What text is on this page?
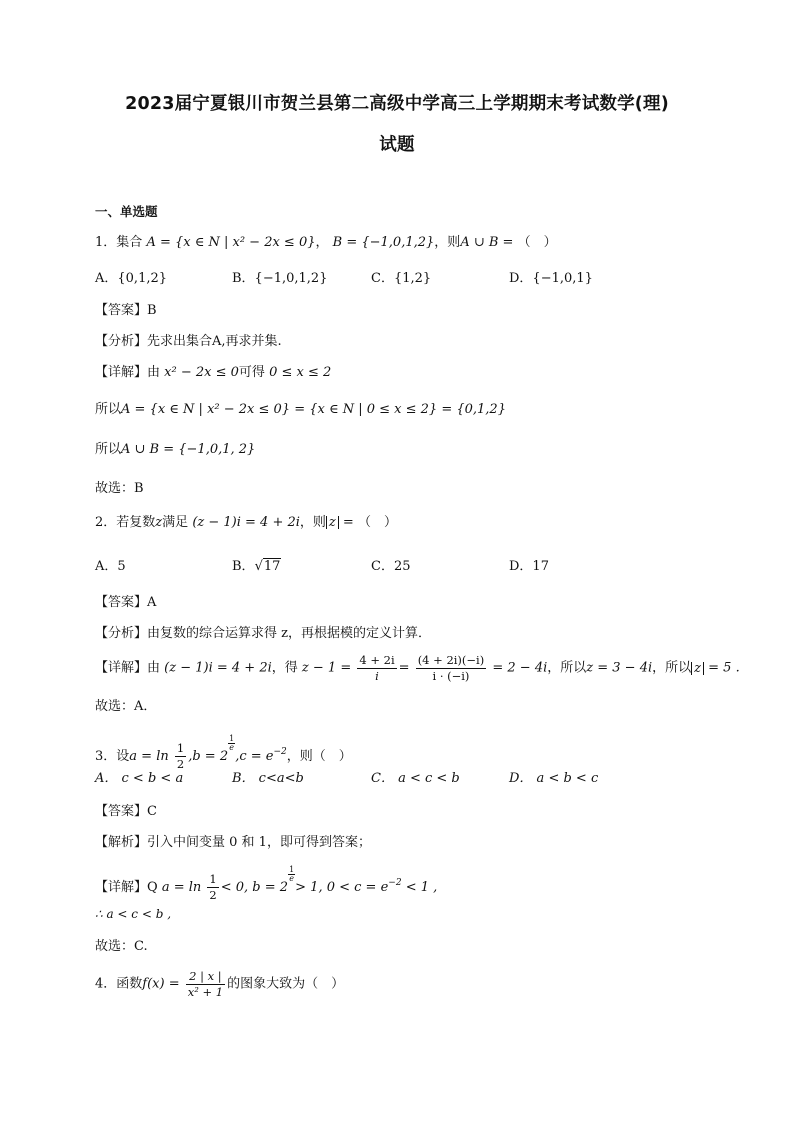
2023届宁夏银川市贺兰县第二高级中学高三上学期期末考试数学(理)
试题
一、单选题
1．集合 A = {x ∈ N | x² − 2x ≤ 0}， B = {−1,0,1,2}，则A ∪ B = （　）
A．{0,1,2}	B．{−1,0,1,2}	C．{1,2}	D．{−1,0,1}
【答案】B
【分析】先求出集合A,再求并集.
【详解】由 x² − 2x ≤ 0可得 0 ≤ x ≤ 2
所以A = {x ∈ N | x² − 2x ≤ 0} = {x ∈ N | 0 ≤ x ≤ 2} = {0,1,2}
所以A ∪ B = {−1,0,1, 2}
故选：B
2．若复数z满足 (z − 1)i = 4 + 2i，则 z = （　）
A．5	B．√17	C．25	D．17
【答案】A
【分析】由复数的综合运算求得 z，再根据模的定义计算．
【详解】由 (z − 1)i = 4 + 2i，得 $z - 1 = \frac{4 + 2i}{i} = \frac{(4 + 2i)(-i)}{i \cdot (-i)} = 2 - 4i$，所以z = 3 − 4i，所以 z = 5 .
故选：A．
3．设$a = \ln \frac{1}{2} ,b = 2$
$\frac{1}{e}$
$,c = e^{-2}$，则（　）
A． c < b < a	B． c<a<b	C． a < c < b	D． a < b < c
【答案】C
【解析】引入中间变量 0 和 1，即可得到答案；
【详解】Q $a = \ln \frac{1}{2} < 0$, b = 2
$\frac{1}{e}$
> 1, $0 < c = e^{-2} < 1$ ,
∴ a < c < b ,
故选：C.
4．函数$f(x) = \frac{2 | x |}{\text{x² + 1}}$ 的图象大致为（　）
